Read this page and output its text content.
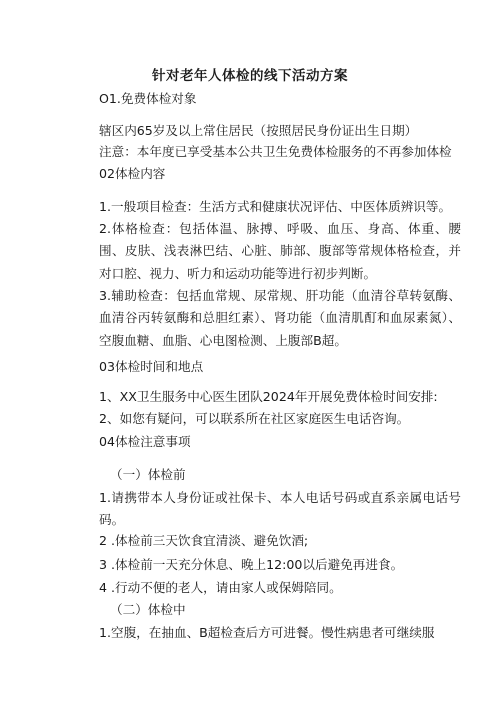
针对老年人体检的线下活动方案
O1.免费体检对象
辖区内65岁及以上常住居民（按照居民身份证出生日期）
注意：本年度已享受基本公共卫生免费体检服务的不再参加体检
02体检内容
1.一般项目检查：生活方式和健康状况评估、中医体质辨识等。
2.体格检查：包括体温、脉搏、呼吸、血压、身高、体重、腰围、皮肤、浅表淋巴结、心脏、肺部、腹部等常规体格检查，并对口腔、视力、听力和运动功能等进行初步判断。
3.辅助检查：包括血常规、尿常规、肝功能（血清谷草转氨酶、血清谷丙转氨酶和总胆红素）、肾功能（血清肌酊和血尿素氮）、空腹血糖、血脂、心电图检测、上腹部B超。
03体检时间和地点
1、XX卫生服务中心医生团队2024年开展免费体检时间安排:
2、如您有疑问，可以联系所在社区家庭医生电话咨询。
04体检注意事项
（一）体检前
1.请携带本人身份证或社保卡、本人电话号码或直系亲属电话号码。
2 .体检前三天饮食宜清淡、避免饮酒;
3 .体检前一天充分休息、晚上12:00以后避免再进食。
4 .行动不便的老人，请由家人或保姆陪同。
（二）体检中
1.空腹，在抽血、B超检查后方可进餐。慢性病患者可继续服
